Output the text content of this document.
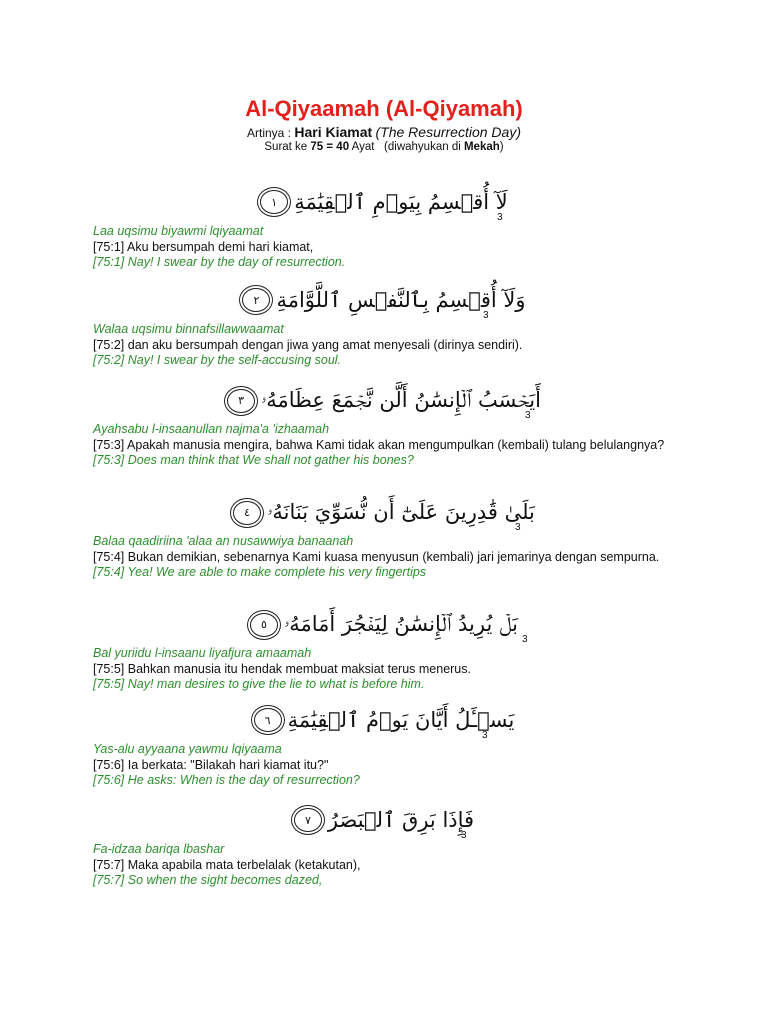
Al-Qiyaamah (Al-Qiyamah)
Artinya : Hari Kiamat (The Resurrection Day)
Surat ke 75 = 40 Ayat   (diwahyukan di Mekah)
لَآ أُقۡسِمُ بِيَوۡمِ ٱلۡقِيَٰمَةِ
١
3
Laa uqsimu biyawmi lqiyaamat
[75:1] Aku bersumpah demi hari kiamat,
[75:1] Nay! I swear by the day of resurrection.
وَلَآ أُقۡسِمُ بِٱلنَّفۡسِ ٱللَّوَّامَةِ
٢
3
Walaa uqsimu binnafsillawwaamat
[75:2] dan aku bersumpah dengan jiwa yang amat menyesali (dirinya sendiri).
[75:2] Nay! I swear by the self-accusing soul.
أَيَحۡسَبُ ٱلۡإِنسَٰنُ أَلَّن نَّجۡمَعَ عِظَامَهُۥ
٣
3
Ayahsabu l-insaanullan najma'a 'izhaamah
[75:3] Apakah manusia mengira, bahwa Kami tidak akan mengumpulkan (kembali) tulang belulangnya?
[75:3] Does man think that We shall not gather his bones?
بَلَىٰ قَٰدِرِينَ عَلَىٰٓ أَن نُّسَوِّيَ بَنَانَهُۥ
٤
3
Balaa qaadiriina 'alaa an nusawwiya banaanah
[75:4] Bukan demikian, sebenarnya Kami kuasa menyusun (kembali) jari jemarinya dengan sempurna.
[75:4] Yea! We are able to make complete his very fingertips
بَلۡ يُرِيدُ ٱلۡإِنسَٰنُ لِيَفۡجُرَ أَمَامَهُۥ
٥
3
Bal yuriidu l-insaanu liyafjura amaamah
[75:5] Bahkan manusia itu hendak membuat maksiat terus menerus.
[75:5] Nay! man desires to give the lie to what is before him.
يَسۡـَٔلُ أَيَّانَ يَوۡمُ ٱلۡقِيَٰمَةِ
٦
3
Yas-alu ayyaana yawmu lqiyaama
[75:6] Ia berkata: "Bilakah hari kiamat itu?"
[75:6] He asks: When is the day of resurrection?
فَإِذَا بَرِقَ ٱلۡبَصَرُ
٧
3
Fa-idzaa bariqa lbashar
[75:7] Maka apabila mata terbelalak (ketakutan),
[75:7] So when the sight becomes dazed,
